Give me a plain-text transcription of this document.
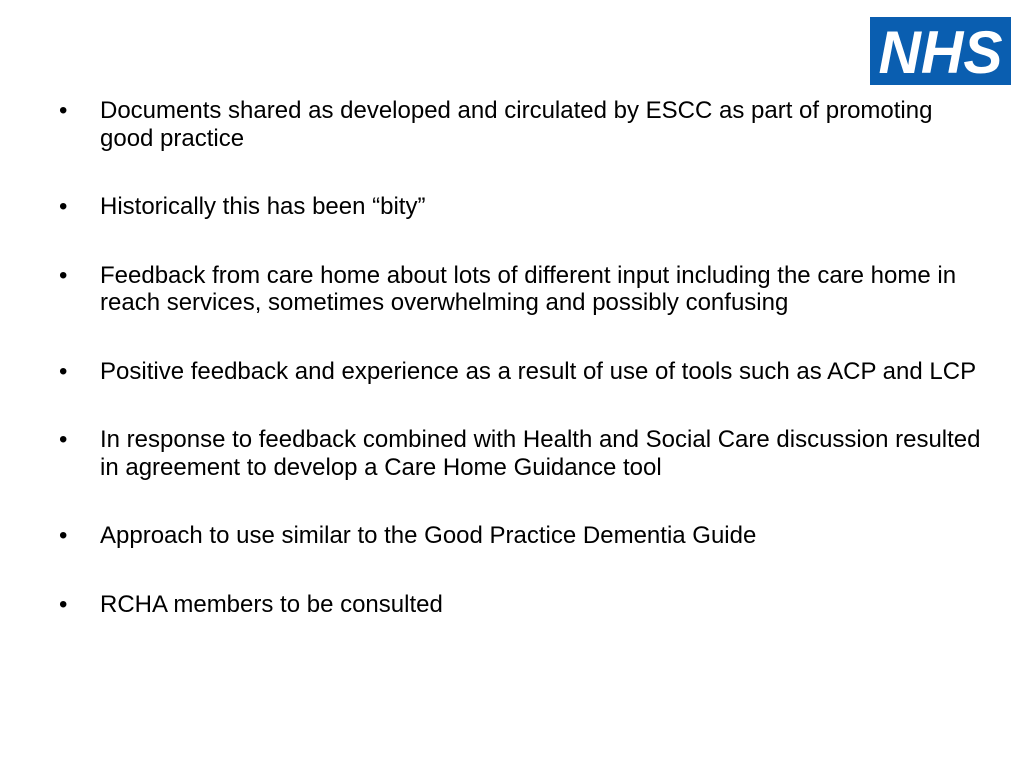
NHS
•	Documents shared as developed and circulated by ESCC as part of promoting good practice
•	Historically this has been “bity”
•	Feedback from care home about lots of different input including the care home in reach services, sometimes overwhelming and possibly confusing
•	Positive feedback and experience as a result of use of tools such as ACP and LCP
•	In response to feedback combined with Health and Social Care discussion resulted in agreement to develop a Care Home Guidance tool
•	Approach to use similar to the Good Practice Dementia Guide
•	RCHA members to be consulted
